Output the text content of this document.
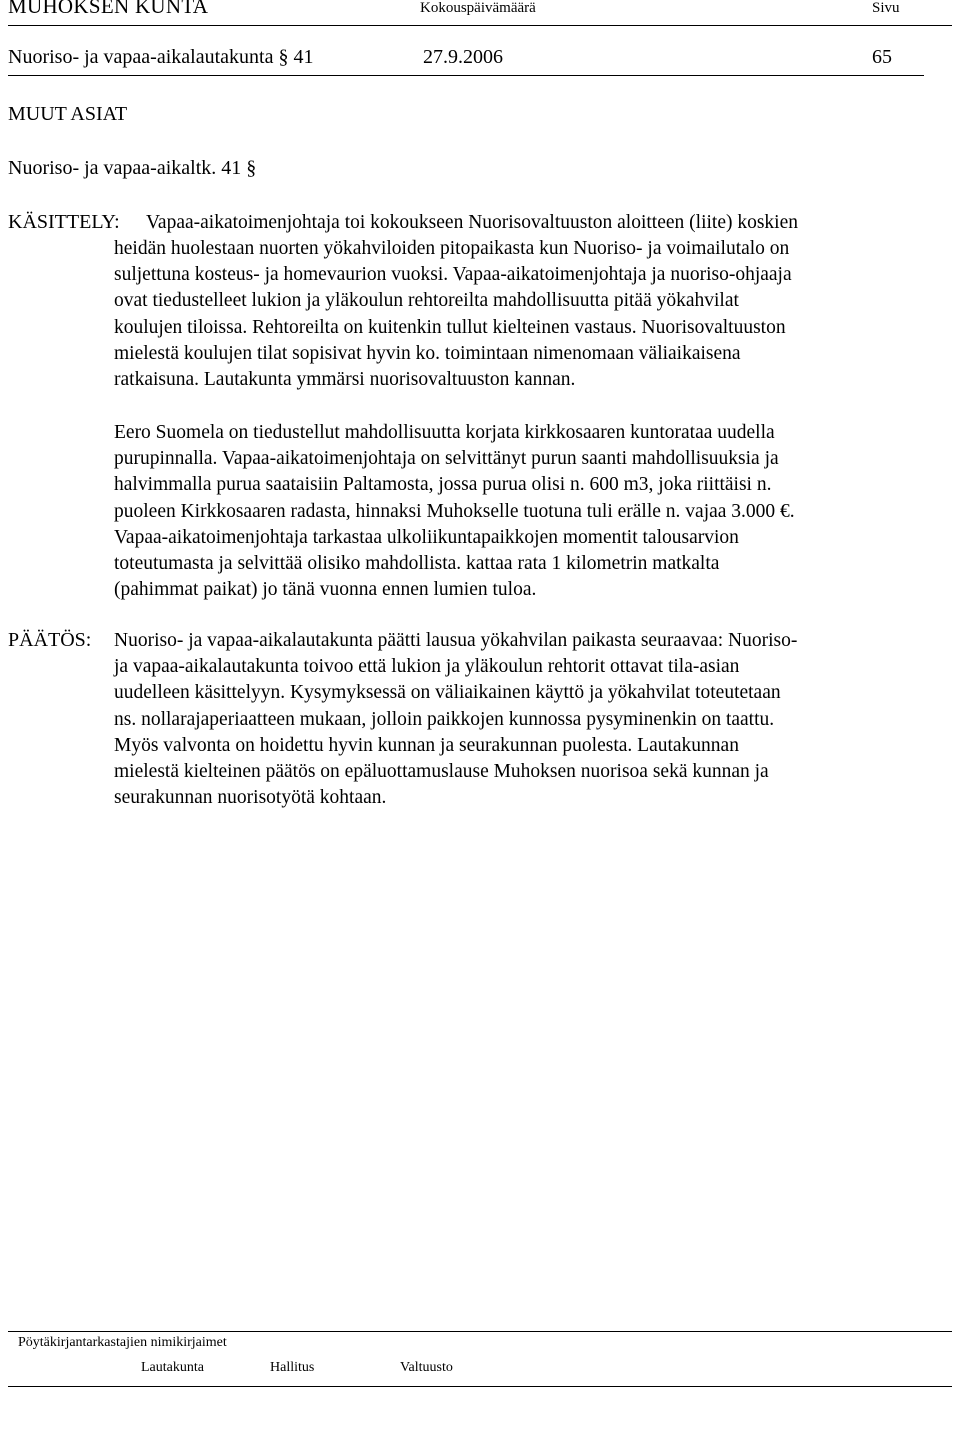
MUHOKSEN KUNTA	Kokouspäivämäärä	Sivu
Nuoriso- ja vapaa-aikalautakunta § 41	27.9.2006	65
MUUT ASIAT
Nuoriso- ja vapaa-aikaltk. 41 §
KÄSITTELY: Vapaa-aikatoimenjohtaja toi kokoukseen Nuorisovaltuuston aloitteen (liite) koskien
heidän huolestaan nuorten yökahviloiden pitopaikasta kun Nuoriso- ja voimailutalo on
suljettuna kosteus- ja homevaurion vuoksi. Vapaa-aikatoimenjohtaja ja nuoriso-ohjaaja
ovat tiedustelleet lukion ja yläkoulun rehtoreilta mahdollisuutta pitää yökahvilat
koulujen tiloissa. Rehtoreilta on kuitenkin tullut kielteinen vastaus. Nuorisovaltuuston
mielestä koulujen tilat sopisivat hyvin ko. toimintaan nimenomaan väliaikaisena
ratkaisuna. Lautakunta ymmärsi nuorisovaltuuston kannan.
Eero Suomela on tiedustellut mahdollisuutta korjata kirkkosaaren kuntorataa uudella
purupinnalla. Vapaa-aikatoimenjohtaja on selvittänyt purun saanti mahdollisuuksia ja
halvimmalla purua saataisiin Paltamosta, jossa purua olisi n. 600 m3, joka riittäisi n.
puoleen Kirkkosaaren radasta, hinnaksi Muhokselle tuotuna tuli erälle n. vajaa 3.000 €.
Vapaa-aikatoimenjohtaja tarkastaa ulkoliikuntapaikkojen momentit talousarvion
toteutumasta ja selvittää olisiko mahdollista. kattaa rata 1 kilometrin matkalta
(pahimmat paikat) jo tänä vuonna ennen lumien tuloa.
PÄÄTÖS: Nuoriso- ja vapaa-aikalautakunta päätti lausua yökahvilan paikasta seuraavaa: Nuoriso-
ja vapaa-aikalautakunta toivoo että lukion ja yläkoulun rehtorit ottavat tila-asian
uudelleen käsittelyyn. Kysymyksessä on väliaikainen käyttö ja yökahvilat toteutetaan
ns. nollarajaperiaatteen mukaan, jolloin paikkojen kunnossa pysyminenkin on taattu.
Myös valvonta on hoidettu hyvin kunnan ja seurakunnan puolesta. Lautakunnan
mielestä kielteinen päätös on epäluottamuslause Muhoksen nuorisoa sekä kunnan ja
seurakunnan nuorisotyötä kohtaan.
Pöytäkirjantarkastajien nimikirjaimet
Lautakunta	Hallitus	Valtuusto
